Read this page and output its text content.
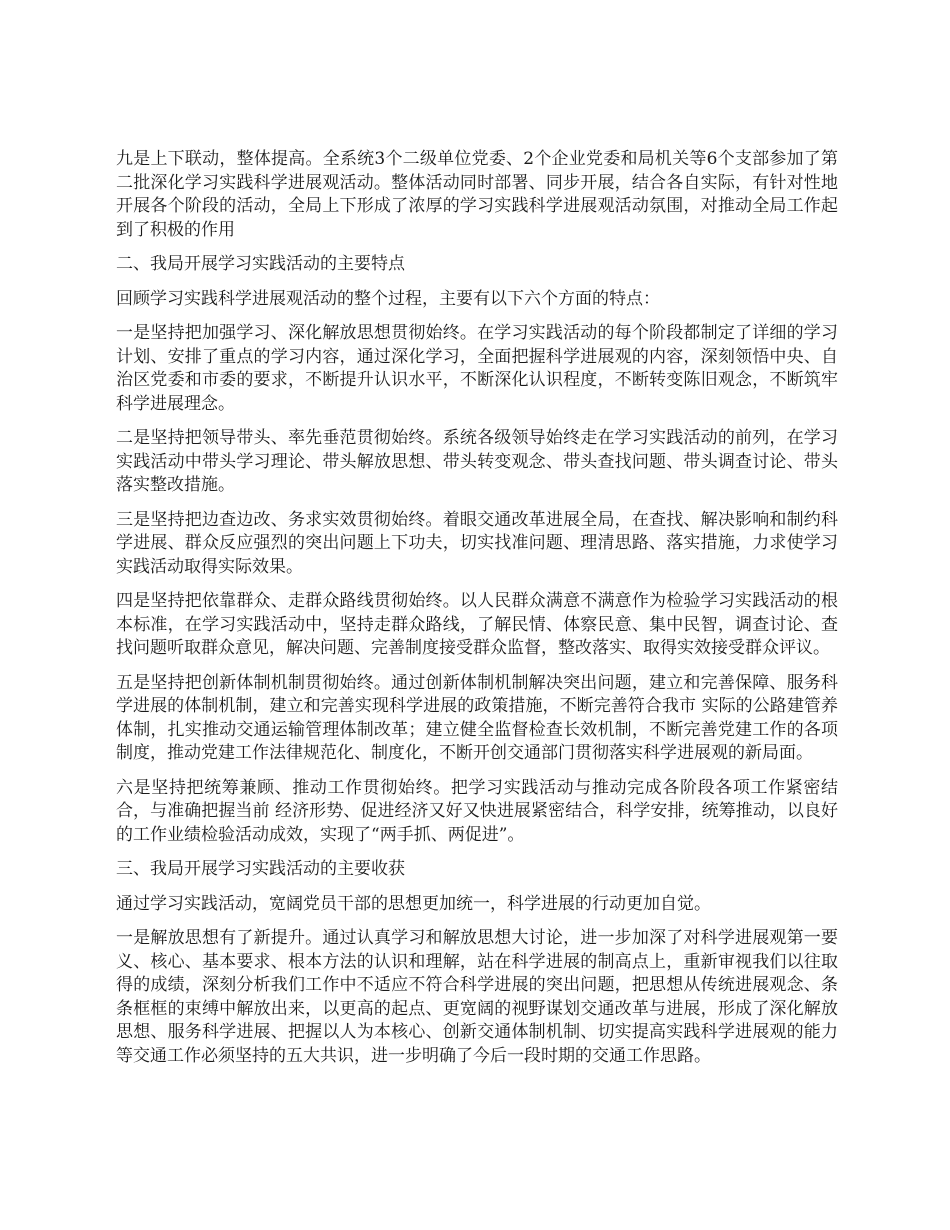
九是上下联动，整体提高。全系统3个二级单位党委、2个企业党委和局机关等6个支部参加了第二批深化学习实践科学进展观活动。整体活动同时部署、同步开展，结合各自实际，有针对性地开展各个阶段的活动，全局上下形成了浓厚的学习实践科学进展观活动氛围，对推动全局工作起到了积极的作用

二、我局开展学习实践活动的主要特点

回顾学习实践科学进展观活动的整个过程，主要有以下六个方面的特点：

一是坚持把加强学习、深化解放思想贯彻始终。在学习实践活动的每个阶段都制定了详细的学习计划、安排了重点的学习内容，通过深化学习，全面把握科学进展观的内容，深刻领悟中央、自治区党委和市委的要求，不断提升认识水平，不断深化认识程度，不断转变陈旧观念，不断筑牢科学进展理念。

二是坚持把领导带头、率先垂范贯彻始终。系统各级领导始终走在学习实践活动的前列，在学习实践活动中带头学习理论、带头解放思想、带头转变观念、带头查找问题、带头调查讨论、带头落实整改措施。

三是坚持把边查边改、务求实效贯彻始终。着眼交通改革进展全局，在查找、解决影响和制约科学进展、群众反应强烈的突出问题上下功夫，切实找准问题、理清思路、落实措施，力求使学习实践活动取得实际效果。

四是坚持把依靠群众、走群众路线贯彻始终。以人民群众满意不满意作为检验学习实践活动的根本标准，在学习实践活动中，坚持走群众路线，了解民情、体察民意、集中民智，调查讨论、查找问题听取群众意见，解决问题、完善制度接受群众监督，整改落实、取得实效接受群众评议。

五是坚持把创新体制机制贯彻始终。通过创新体制机制解决突出问题，建立和完善保障、服务科学进展的体制机制，建立和完善实现科学进展的政策措施，不断完善符合我市 实际的公路建管养体制，扎实推动交通运输管理体制改革；建立健全监督检查长效机制，不断完善党建工作的各项制度，推动党建工作法律规范化、制度化，不断开创交通部门贯彻落实科学进展观的新局面。

六是坚持把统筹兼顾、推动工作贯彻始终。把学习实践活动与推动完成各阶段各项工作紧密结合，与准确把握当前 经济形势、促进经济又好又快进展紧密结合，科学安排，统筹推动，以良好的工作业绩检验活动成效，实现了“两手抓、两促进”。

三、我局开展学习实践活动的主要收获

通过学习实践活动，宽阔党员干部的思想更加统一，科学进展的行动更加自觉。

一是解放思想有了新提升。通过认真学习和解放思想大讨论，进一步加深了对科学进展观第一要义、核心、基本要求、根本方法的认识和理解，站在科学进展的制高点上，重新审视我们以往取得的成绩，深刻分析我们工作中不适应不符合科学进展的突出问题，把思想从传统进展观念、条条框框的束缚中解放出来，以更高的起点、更宽阔的视野谋划交通改革与进展，形成了深化解放思想、服务科学进展、把握以人为本核心、创新交通体制机制、切实提高实践科学进展观的能力等交通工作必须坚持的五大共识，进一步明确了今后一段时期的交通工作思路。
